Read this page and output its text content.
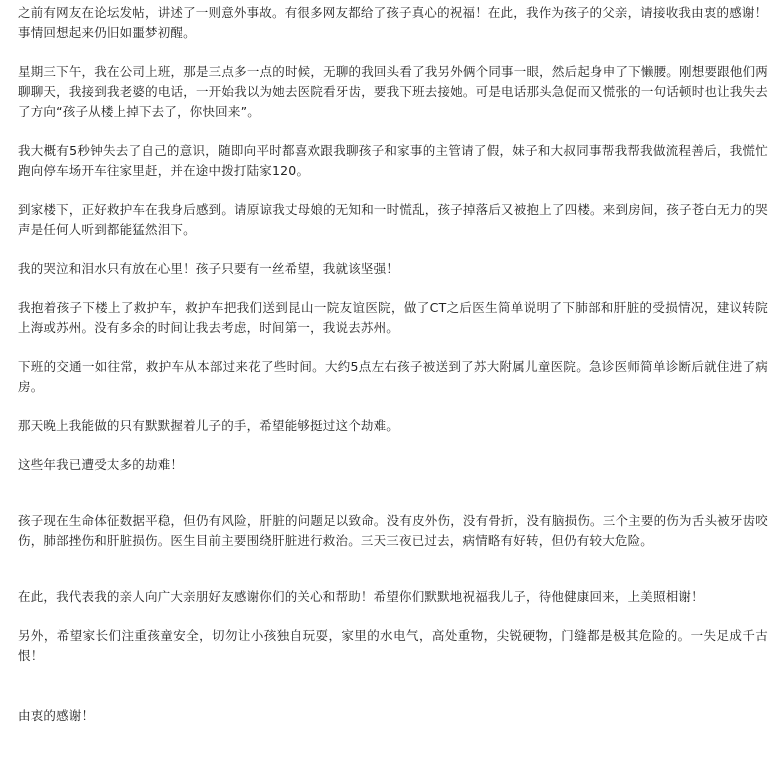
之前有网友在论坛发帖，讲述了一则意外事故。有很多网友都给了孩子真心的祝福！在此，我作为孩子的父亲，请接收我由衷的感谢！

事情回想起来仍旧如噩梦初醒。

星期三下午，我在公司上班，那是三点多一点的时候，无聊的我回头看了我另外俩个同事一眼，然后起身申了下懒腰。刚想要跟他们两聊聊天，我接到我老婆的电话，一开始我以为她去医院看牙齿，要我下班去接她。可是电话那头急促而又慌张的一句话顿时也让我失去了方向“孩子从楼上掉下去了，你快回来”。

我大概有5秒钟失去了自己的意识，随即向平时都喜欢跟我聊孩子和家事的主管请了假，妹子和大叔同事帮我帮我做流程善后，我慌忙跑向停车场开车往家里赶，并在途中拨打陆家120。

到家楼下，正好救护车在我身后感到。请原谅我丈母娘的无知和一时慌乱，孩子掉落后又被抱上了四楼。来到房间，孩子苍白无力的哭声是任何人听到都能猛然泪下。

我的哭泣和泪水只有放在心里！孩子只要有一丝希望，我就该坚强！

我抱着孩子下楼上了救护车，救护车把我们送到昆山一院友谊医院，做了CT之后医生简单说明了下肺部和肝脏的受损情况，建议转院上海或苏州。没有多余的时间让我去考虑，时间第一，我说去苏州。

下班的交通一如往常，救护车从本部过来花了些时间。大约5点左右孩子被送到了苏大附属儿童医院。急诊医师简单诊断后就住进了病房。

那天晚上我能做的只有默默握着儿子的手，希望能够挺过这个劫难。

这些年我已遭受太多的劫难！

孩子现在生命体征数据平稳，但仍有风险，肝脏的问题足以致命。没有皮外伤，没有骨折，没有脑损伤。三个主要的伤为舌头被牙齿咬伤，肺部挫伤和肝脏损伤。医生目前主要围绕肝脏进行救治。三天三夜已过去，病情略有好转，但仍有较大危险。

在此，我代表我的亲人向广大亲朋好友感谢你们的关心和帮助！希望你们默默地祝福我儿子，待他健康回来，上美照相谢！

另外，希望家长们注重孩童安全，切勿让小孩独自玩耍，家里的水电气，高处重物，尖锐硬物，门缝都是极其危险的。一失足成千古恨！

由衷的感谢！
